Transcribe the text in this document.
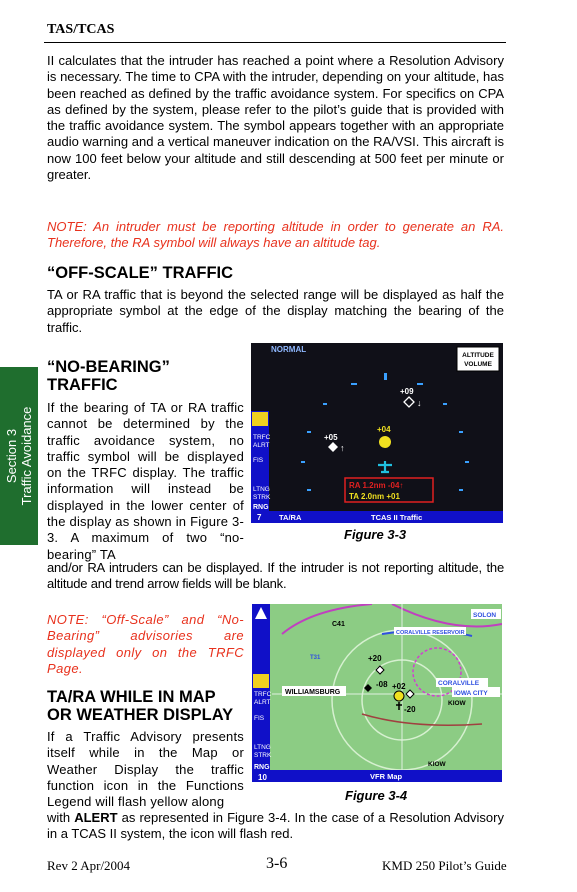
TAS/TCAS
II calculates that the intruder has reached a point where a Resolution Advisory is necessary. The time to CPA with the intruder, depending on your altitude, has been reached as defined by the traffic avoidance system. For specifics on CPA as defined by the system, please refer to the pilot’s guide that is provided with the traffic avoidance system. The symbol appears together with an appropriate audio warning and a vertical maneuver indication on the RA/VSI. This aircraft is now 100 feet below your altitude and still descending at 500 feet per minute or greater.
NOTE: An intruder must be reporting altitude in order to generate an RA. Therefore, the RA symbol will always have an altitude tag.
“OFF-SCALE” TRAFFIC
TA or RA traffic that is beyond the selected range will be displayed as half the appropriate symbol at the edge of the display matching the bearing of the traffic.
Section 3 Traffic Avoidance
“NO-BEARING”
TRAFFIC
If the bearing of TA or RA traffic cannot be determined by the traffic avoidance system, no traffic symbol will be displayed on the TRFC display. The traffic information will instead be displayed in the lower center of the display as shown in Figure 3-3. A maximum of two “no-bearing” TA
and/or RA intruders can be displayed. If the intruder is not reporting altitude, the altitude and trend arrow fields will be blank.
NORMAL
ALTITUDE
VOLUME
TRFC
ALRT
FIS
LTNG
STRK
RNG
7 TA/RA	TCAS II Traffic
+09
↓
+05
↑
+04
RA 1.2nm -04↑
TA 2.0nm +01
Figure 3-3
NOTE: “Off-Scale” and “No-Bearing” advisories are displayed only on the TRFC Page.
TA/RA WHILE IN MAP
OR WEATHER DISPLAY
If a Traffic Advisory presents itself while in the Map or Weather Display the traffic function icon in the Functions Legend will flash yellow along
with ALERT as represented in Figure 3-4. In the case of a Resolution Advisory in a TCAS II system, the icon will flash red.
TRFC
ALRT
FIS
LTNG
STRK
RNG
10	VFR Map
C41
SOLON
CORALVILLE RESERVOIR
T31
WILLIAMSBURG
CORALVILLE
IOWA CITY
KIOW
KIOW
+20
-08 +02
-20
Figure 3-4
Rev 2 Apr/2004	3-6	KMD 250 Pilot’s Guide
